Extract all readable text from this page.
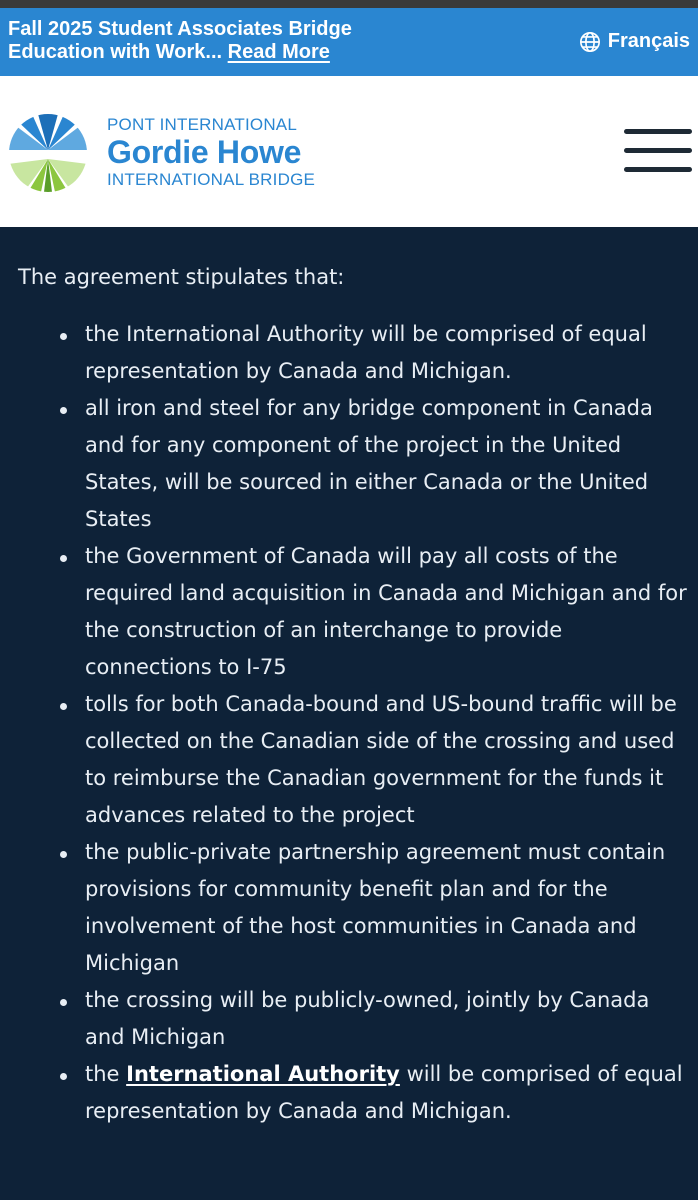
Fall 2025 Student Associates Bridge Education with Work... Read More	Français
PONT INTERNATIONAL
Gordie Howe
INTERNATIONAL BRIDGE

The agreement stipulates that:

the International Authority will be comprised of equal representation by Canada and Michigan.
all iron and steel for any bridge component in Canada and for any component of the project in the United States, will be sourced in either Canada or the United States
the Government of Canada will pay all costs of the required land acquisition in Canada and Michigan and for the construction of an interchange to provide connections to I-75
tolls for both Canada-bound and US-bound traffic will be collected on the Canadian side of the crossing and used to reimburse the Canadian government for the funds it advances related to the project
the public-private partnership agreement must contain provisions for community benefit plan and for the involvement of the host communities in Canada and Michigan
the crossing will be publicly-owned, jointly by Canada and Michigan
the International Authority will be comprised of equal representation by Canada and Michigan.
